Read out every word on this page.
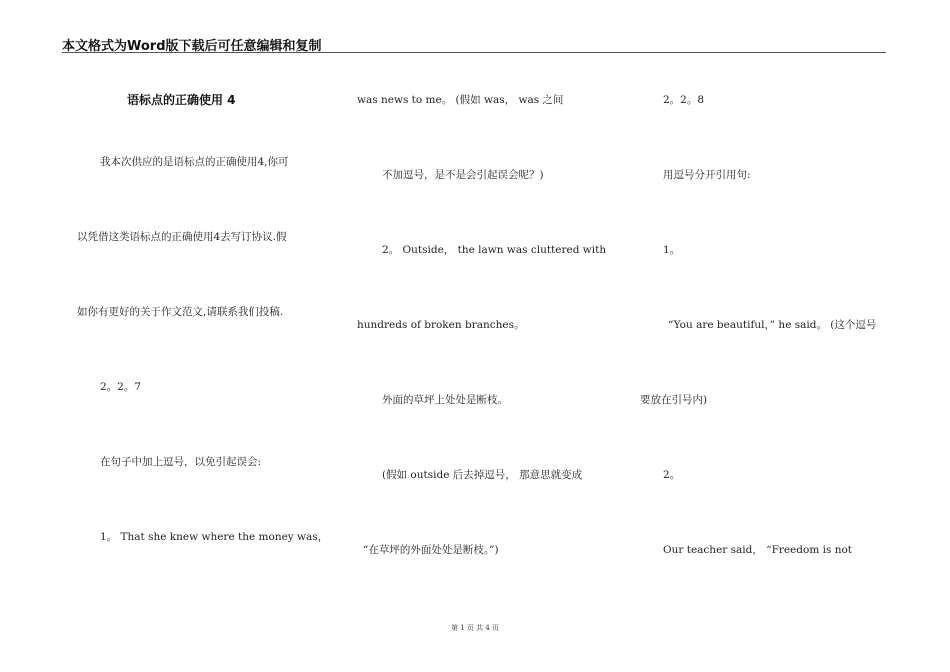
本文格式为Word版下载后可任意编辑和复制
语标点的正确使用 4
我本次供应的是语标点的正确使用4,你可
以凭借这类语标点的正确使用4去写订协议.假
如你有更好的关于作文范文,请联系我们投稿.
2。2。7
在句子中加上逗号，以免引起误会:
1。 That she knew where the money was，
was news to me。 (假如 was， was 之间
不加逗号，是不是会引起误会呢？)
2。 Outside， the lawn was cluttered with
hundreds of broken branches。
外面的草坪上处处是断枝。
(假如 outside 后去掉逗号， 那意思就变成
“在草坪的外面处处是断枝。”)
2。2。8
用逗号分开引用句:
1。
“You are beautiful，” he said。 (这个逗号
要放在引号内)
2。
Our teacher said， “Freedom is not
第 1 页 共 4 页
